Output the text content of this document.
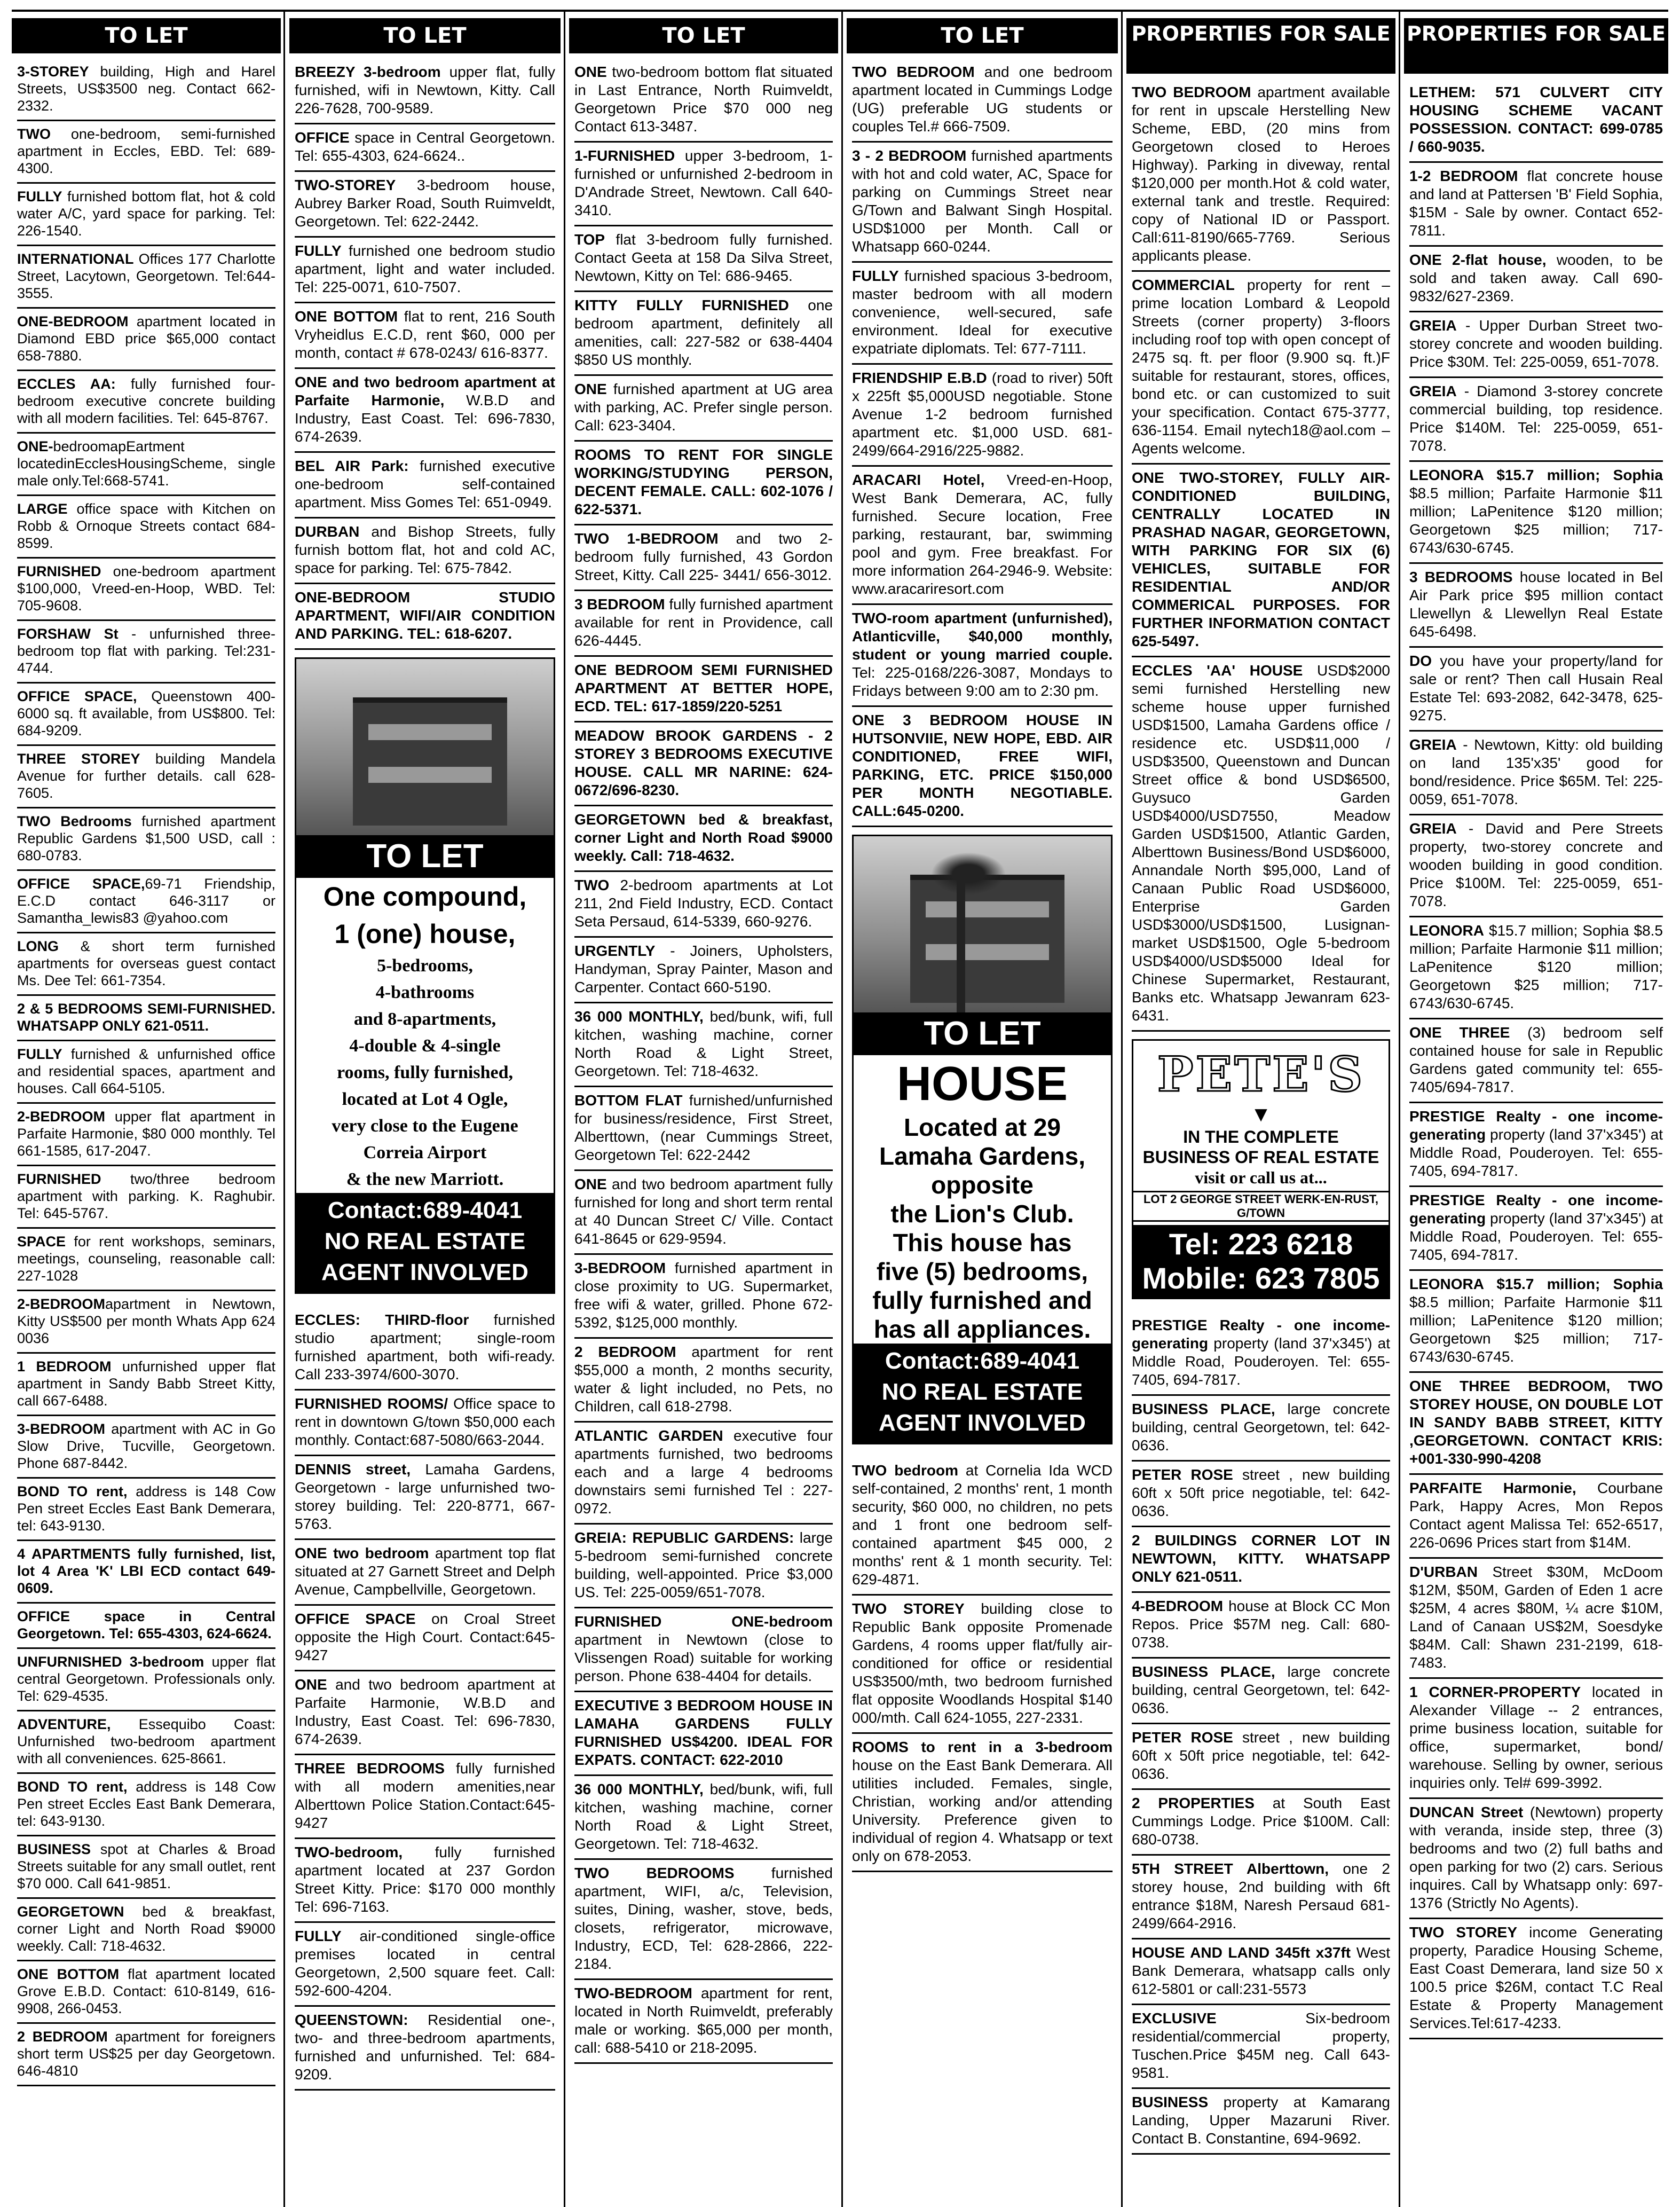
TO LET
3-STOREY building, High and Harel Streets, US$3500 neg. Contact 662-2332.
TWO one-bedroom, semi-furnished apartment in Eccles, EBD. Tel: 689-4300.
FULLY furnished bottom flat, hot & cold water A/C, yard space for parking. Tel: 226-1540.
INTERNATIONAL Offices 177 Charlotte Street, Lacytown, Georgetown. Tel:644-3555.
ONE-BEDROOM apartment located in Diamond EBD price $65,000 contact 658-7880.
ECCLES AA: fully furnished four-bedroom executive concrete building with all modern facilities. Tel: 645-8767.
ONE-bedroomapEartment locatedinEcclesHousingScheme, single male only.Tel:668-5741.
LARGE office space with Kitchen on Robb & Ornoque Streets contact 684-8599.
FURNISHED one-bedroom apartment $100,000, Vreed-en-Hoop, WBD. Tel: 705-9608.
FORSHAW St - unfurnished three-bedroom top flat with parking. Tel:231-4744.
OFFICE SPACE, Queenstown 400-6000 sq. ft available, from US$800. Tel: 684-9209.
THREE STOREY building Mandela Avenue for further details. call 628-7605.
TWO Bedrooms furnished apartment Republic Gardens $1,500 USD, call : 680-0783.
OFFICE SPACE,69-71 Friendship, E.C.D contact 646-3117 or Samantha_lewis83 @yahoo.com
LONG & short term furnished apartments for overseas guest contact Ms. Dee Tel: 661-7354.
2 & 5 BEDROOMS SEMI-FURNISHED. WHATSAPP ONLY 621-0511.
FULLY furnished & unfurnished office and residential spaces, apartment and houses. Call 664-5105.
2-BEDROOM upper flat apartment in Parfaite Harmonie, $80 000 monthly. Tel 661-1585, 617-2047.
FURNISHED two/three bedroom apartment with parking. K. Raghubir. Tel: 645-5767.
SPACE for rent workshops, seminars, meetings, counseling, reasonable call: 227-1028
2-BEDROOMapartment in Newtown, Kitty US$500 per month Whats App 624 0036
1 BEDROOM unfurnished upper flat apartment in Sandy Babb Street Kitty, call 667-6488.
3-BEDROOM apartment with AC in Go Slow Drive, Tucville, Georgetown. Phone 687-8442.
BOND TO rent, address is 148 Cow Pen street Eccles East Bank Demerara, tel: 643-9130.
4 APARTMENTS fully furnished, list, lot 4 Area 'K' LBI ECD contact 649-0609.
OFFICE space in Central Georgetown. Tel: 655-4303, 624-6624.
UNFURNISHED 3-bedroom upper flat central Georgetown. Professionals only. Tel: 629-4535.
ADVENTURE, Essequibo Coast: Unfurnished two-bedroom apartment with all conveniences. 625-8661.
BOND TO rent, address is 148 Cow Pen street Eccles East Bank Demerara, tel: 643-9130.
BUSINESS spot at Charles & Broad Streets suitable for any small outlet, rent $70 000. Call 641-9851.
GEORGETOWN bed & breakfast, corner Light and North Road $9000 weekly. Call: 718-4632.
ONE BOTTOM flat apartment located Grove E.B.D. Contact: 610-8149, 616-9908, 266-0453.
2 BEDROOM apartment for foreigners short term US$25 per day Georgetown. 646-4810
TO LET
BREEZY 3-bedroom upper flat, fully furnished, wifi in Newtown, Kitty. Call 226-7628, 700-9589.
OFFICE space in Central Georgetown. Tel: 655-4303, 624-6624..
TWO-STOREY 3-bedroom house, Aubrey Barker Road, South Ruimveldt, Georgetown. Tel: 622-2442.
FULLY furnished one bedroom studio apartment, light and water included. Tel: 225-0071, 610-7507.
ONE BOTTOM flat to rent, 216 South Vryheidlus E.C.D, rent $60, 000 per month, contact # 678-0243/ 616-8377.
ONE and two bedroom apartment at Parfaite Harmonie, W.B.D and Industry, East Coast. Tel: 696-7830, 674-2639.
BEL AIR Park: furnished executive one-bedroom self-contained apartment. Miss Gomes Tel: 651-0949.
DURBAN and Bishop Streets, fully furnish bottom flat, hot and cold AC, space for parking. Tel: 675-7842.
ONE-BEDROOM STUDIO APARTMENT, WIFI/AIR CONDITION AND PARKING. TEL: 618-6207.
TO LET
One compound,
1 (one) house,
5-bedrooms,
4-bathrooms
and 8-apartments,
4-double & 4-single
rooms, fully furnished,
located at Lot 4 Ogle,
very close to the Eugene
Correia Airport
& the new Marriott.
Contact:689-4041
NO REAL ESTATE
AGENT INVOLVED
ECCLES: THIRD-floor furnished studio apartment; single-room furnished apartment, both wifi-ready. Call 233-3974/600-3070.
FURNISHED ROOMS/ Office space to rent in downtown G/town $50,000 each monthly. Contact:687-5080/663-2044.
DENNIS street, Lamaha Gardens, Georgetown - large unfurnished two-storey building. Tel: 220-8771, 667-5763.
ONE two bedroom apartment top flat situated at 27 Garnett Street and Delph Avenue, Campbellville, Georgetown.
OFFICE SPACE on Croal Street opposite the High Court. Contact:645-9427
ONE and two bedroom apartment at Parfaite Harmonie, W.B.D and Industry, East Coast. Tel: 696-7830, 674-2639.
THREE BEDROOMS fully furnished with all modern amenities,near Alberttown Police Station.Contact:645-9427
TWO-bedroom, fully furnished apartment located at 237 Gordon Street Kitty. Price: $170 000 monthly Tel: 696-7163.
FULLY air-conditioned single-office premises located in central Georgetown, 2,500 square feet. Call: 592-600-4204.
QUEENSTOWN: Residential one-, two- and three-bedroom apartments, furnished and unfurnished. Tel: 684-9209.
TO LET
ONE two-bedroom bottom flat situated in Last Entrance, North Ruimveldt, Georgetown Price $70 000 neg Contact 613-3487.
1-FURNISHED upper 3-bedroom, 1-furnished or unfurnished 2-bedroom in D'Andrade Street, Newtown. Call 640-3410.
TOP flat 3-bedroom fully furnished. Contact Geeta at 158 Da Silva Street, Newtown, Kitty on Tel: 686-9465.
KITTY FULLY FURNISHED one bedroom apartment, definitely all amenities, call: 227-582 or 638-4404 $850 US monthly.
ONE furnished apartment at UG area with parking, AC. Prefer single person. Call: 623-3404.
ROOMS TO RENT FOR SINGLE WORKING/STUDYING PERSON, DECENT FEMALE. CALL: 602-1076 / 622-5371.
TWO 1-BEDROOM and two 2-bedroom fully furnished, 43 Gordon Street, Kitty. Call 225- 3441/ 656-3012.
3 BEDROOM fully furnished apartment available for rent in Providence, call 626-4445.
ONE BEDROOM SEMI FURNISHED APARTMENT AT BETTER HOPE, ECD. TEL: 617-1859/220-5251
MEADOW BROOK GARDENS - 2 STOREY 3 BEDROOMS EXECUTIVE HOUSE. CALL MR NARINE: 624-0672/696-8230.
GEORGETOWN bed & breakfast, corner Light and North Road $9000 weekly. Call: 718-4632.
TWO 2-bedroom apartments at Lot 211, 2nd Field Industry, ECD. Contact Seta Persaud, 614-5339, 660-9276.
URGENTLY - Joiners, Upholsters, Handyman, Spray Painter, Mason and Carpenter. Contact 660-5190.
36 000 MONTHLY, bed/bunk, wifi, full kitchen, washing machine, corner North Road & Light Street, Georgetown. Tel: 718-4632.
BOTTOM FLAT furnished/unfurnished for business/residence, First Street, Alberttown, (near Cummings Street, Georgetown Tel: 622-2442
ONE and two bedroom apartment fully furnished for long and short term rental at 40 Duncan Street C/ Ville. Contact 641-8645 or 629-9594.
3-BEDROOM furnished apartment in close proximity to UG. Supermarket, free wifi & water, grilled. Phone 672-5392, $125,000 monthly.
2 BEDROOM apartment for rent $55,000 a month, 2 months security, water & light included, no Pets, no Children, call 618-2798.
ATLANTIC GARDEN executive four apartments furnished, two bedrooms each and a large 4 bedrooms downstairs semi furnished Tel : 227-0972.
GREIA: REPUBLIC GARDENS: large 5-bedroom semi-furnished concrete building, well-appointed. Price $3,000 US. Tel: 225-0059/651-7078.
FURNISHED ONE-bedroom apartment in Newtown (close to Vlissengen Road) suitable for working person. Phone 638-4404 for details.
EXECUTIVE 3 BEDROOM HOUSE IN LAMAHA GARDENS FULLY FURNISHED US$4200. IDEAL FOR EXPATS. CONTACT: 622-2010
36 000 MONTHLY, bed/bunk, wifi, full kitchen, washing machine, corner North Road & Light Street, Georgetown. Tel: 718-4632.
TWO BEDROOMS furnished apartment, WIFI, a/c, Television, suites, Dining, washer, stove, beds, closets, refrigerator, microwave, Industry, ECD, Tel: 628-2866, 222-2184.
TWO-BEDROOM apartment for rent, located in North Ruimveldt, preferably male or working. $65,000 per month, call: 688-5410 or 218-2095.
TO LET
TWO BEDROOM and one bedroom apartment located in Cummings Lodge (UG) preferable UG students or couples Tel.# 666-7509.
3 - 2 BEDROOM furnished apartments with hot and cold water, AC, Space for parking on Cummings Street near G/Town and Balwant Singh Hospital. USD$1000 per Month. Call or Whatsapp 660-0244.
FULLY furnished spacious 3-bedroom, master bedroom with all modern convenience, well-secured, safe environment. Ideal for executive expatriate diplomats. Tel: 677-7111.
FRIENDSHIP E.B.D (road to river) 50ft x 225ft $5,000USD negotiable. Stone Avenue 1-2 bedroom furnished apartment etc. $1,000 USD. 681-2499/664-2916/225-9882.
ARACARI Hotel, Vreed-en-Hoop, West Bank Demerara, AC, fully furnished. Secure location, Free parking, restaurant, bar, swimming pool and gym. Free breakfast. For more information 264-2946-9. Website: www.aracariresort.com
TWO-room apartment (unfurnished), Atlanticville, $40,000 monthly, student or young married couple. Tel: 225-0168/226-3087, Mondays to Fridays between 9:00 am to 2:30 pm.
ONE 3 BEDROOM HOUSE IN HUTSONVIIE, NEW HOPE, EBD. AIR CONDITIONED, FREE WIFI, PARKING, ETC. PRICE $150,000 PER MONTH NEGOTIABLE. CALL:645-0200.
TO LET
HOUSE
Located at 29
Lamaha Gardens,
opposite
the Lion's Club.
This house has
five (5) bedrooms,
fully furnished and
has all appliances.
Contact:689-4041
NO REAL ESTATE
AGENT INVOLVED
TWO bedroom at Cornelia Ida WCD self-contained, 2 months' rent, 1 month security, $60 000, no children, no pets and 1 front one bedroom self-contained apartment $45 000, 2 months' rent & 1 month security. Tel: 629-4871.
TWO STOREY building close to Republic Bank opposite Promenade Gardens, 4 rooms upper flat/fully air-conditioned for office or residential US$3500/mth, two bedroom furnished flat opposite Woodlands Hospital $140 000/mth. Call 624-1055, 227-2331.
ROOMS to rent in a 3-bedroom house on the East Bank Demerara. All utilities included. Females, single, Christian, working and/or attending University. Preference given to individual of region 4. Whatsapp or text only on 678-2053.
PROPERTIES FOR SALE
TWO BEDROOM apartment available for rent in upscale Herstelling New Scheme, EBD, (20 mins from Georgetown closed to Heroes Highway). Parking in diveway, rental $120,000 per month.Hot & cold water, external tank and trestle. Required: copy of National ID or Passport. Call:611-8190/665-7769. Serious applicants please.
COMMERCIAL property for rent – prime location Lombard & Leopold Streets (corner property) 3-floors including roof top with open concept of 2475 sq. ft. per floor (9.900 sq. ft.)F suitable for restaurant, stores, offices, bond etc. or can customized to suit your specification. Contact 675-3777, 636-1154. Email nytech18@aol.com – Agents welcome.
ONE TWO-STOREY, FULLY AIR-CONDITIONED BUILDING, CENTRALLY LOCATED IN PRASHAD NAGAR, GEORGETOWN, WITH PARKING FOR SIX (6) VEHICLES, SUITABLE FOR RESIDENTIAL AND/OR COMMERICAL PURPOSES. FOR FURTHER INFORMATION CONTACT 625-5497.
ECCLES 'AA' HOUSE USD$2000 semi furnished Herstelling new scheme house upper furnished USD$1500, Lamaha Gardens office / residence etc. USD$11,000 / USD$3500, Queenstown and Duncan Street office & bond USD$6500, Guysuco Garden USD$4000/USD7550, Meadow Garden USD$1500, Atlantic Garden, Alberttown Business/Bond USD$6000, Annandale North $95,000, Land of Canaan Public Road USD$6000, Enterprise Garden USD$3000/USD$1500, Lusignan-market USD$1500, Ogle 5-bedroom USD$4000/USD$5000 Ideal for Chinese Supermarket, Restaurant, Banks etc. Whatsapp Jewanram 623-6431.
PETE'S
▼
IN THE COMPLETE
BUSINESS OF REAL ESTATE
visit or call us at...
LOT 2 GEORGE STREET WERK-EN-RUST, G/TOWN
Tel: 223 6218
Mobile: 623 7805
PRESTIGE Realty - one income-generating property (land 37'x345') at Middle Road, Pouderoyen. Tel: 655-7405, 694-7817.
BUSINESS PLACE, large concrete building, central Georgetown, tel: 642-0636.
PETER ROSE street , new building 60ft x 50ft price negotiable, tel: 642-0636.
2 BUILDINGS CORNER LOT IN NEWTOWN, KITTY. WHATSAPP ONLY 621-0511.
4-BEDROOM house at Block CC Mon Repos. Price $57M neg. Call: 680-0738.
BUSINESS PLACE, large concrete building, central Georgetown, tel: 642-0636.
PETER ROSE street , new building 60ft x 50ft price negotiable, tel: 642-0636.
2 PROPERTIES at South East Cummings Lodge. Price $100M. Call: 680-0738.
5TH STREET Alberttown, one 2 storey house, 2nd building with 6ft entrance $18M, Naresh Persaud 681-2499/664-2916.
HOUSE AND LAND 345ft x37ft West Bank Demerara, whatsapp calls only 612-5801 or call:231-5573
EXCLUSIVE Six-bedroom residential/commercial property, Tuschen.Price $45M neg. Call 643-9581.
BUSINESS property at Kamarang Landing, Upper Mazaruni River. Contact B. Constantine, 694-9692.
PROPERTIES FOR SALE
LETHEM: 571 CULVERT CITY HOUSING SCHEME VACANT POSSESSION. CONTACT: 699-0785 / 660-9035.
1-2 BEDROOM flat concrete house and land at Pattersen 'B' Field Sophia, $15M - Sale by owner. Contact 652-7811.
ONE 2-flat house, wooden, to be sold and taken away. Call 690-9832/627-2369.
GREIA - Upper Durban Street two-storey concrete and wooden building. Price $30M. Tel: 225-0059, 651-7078.
GREIA - Diamond 3-storey concrete commercial building, top residence. Price $140M. Tel: 225-0059, 651-7078.
LEONORA $15.7 million; Sophia $8.5 million; Parfaite Harmonie $11 million; LaPenitence $120 million; Georgetown $25 million; 717-6743/630-6745.
3 BEDROOMS house located in Bel Air Park price $95 million contact Llewellyn & Llewellyn Real Estate 645-6498.
DO you have your property/land for sale or rent? Then call Husain Real Estate Tel: 693-2082, 642-3478, 625-9275.
GREIA - Newtown, Kitty: old building on land 135'x35' good for bond/residence. Price $65M. Tel: 225-0059, 651-7078.
GREIA - David and Pere Streets property, two-storey concrete and wooden building in good condition. Price $100M. Tel: 225-0059, 651-7078.
LEONORA $15.7 million; Sophia $8.5 million; Parfaite Harmonie $11 million; LaPenitence $120 million; Georgetown $25 million; 717-6743/630-6745.
ONE THREE (3) bedroom self contained house for sale in Republic Gardens gated community tel: 655-7405/694-7817.
PRESTIGE Realty - one income-generating property (land 37'x345') at Middle Road, Pouderoyen. Tel: 655-7405, 694-7817.
PRESTIGE Realty - one income-generating property (land 37'x345') at Middle Road, Pouderoyen. Tel: 655-7405, 694-7817.
LEONORA $15.7 million; Sophia $8.5 million; Parfaite Harmonie $11 million; LaPenitence $120 million; Georgetown $25 million; 717-6743/630-6745.
ONE THREE BEDROOM, TWO STOREY HOUSE, ON DOUBLE LOT IN SANDY BABB STREET, KITTY ,GEORGETOWN. CONTACT KRIS: +001-330-990-4208
PARFAITE Harmonie, Courbane Park, Happy Acres, Mon Repos Contact agent Malissa Tel: 652-6517, 226-0696 Prices start from $14M.
D'URBAN Street $30M, McDoom $12M, $50M, Garden of Eden 1 acre $25M, 4 acres $80M, ¼ acre $10M, Land of Canaan US$2M, Soesdyke $84M. Call: Shawn 231-2199, 618-7483.
1 CORNER-PROPERTY located in Alexander Village -- 2 entrances, prime business location, suitable for office, supermarket, bond/ warehouse. Selling by owner, serious inquiries only. Tel# 699-3992.
DUNCAN Street (Newtown) property with veranda, inside step, three (3) bedrooms and two (2) full baths and open parking for two (2) cars. Serious inquires. Call by Whatsapp only: 697-1376 (Strictly No Agents).
TWO STOREY income Generating property, Paradice Housing Scheme, East Coast Demerara, land size 50 x 100.5 price $26M, contact T.C Real Estate & Property Management Services.Tel:617-4233.
